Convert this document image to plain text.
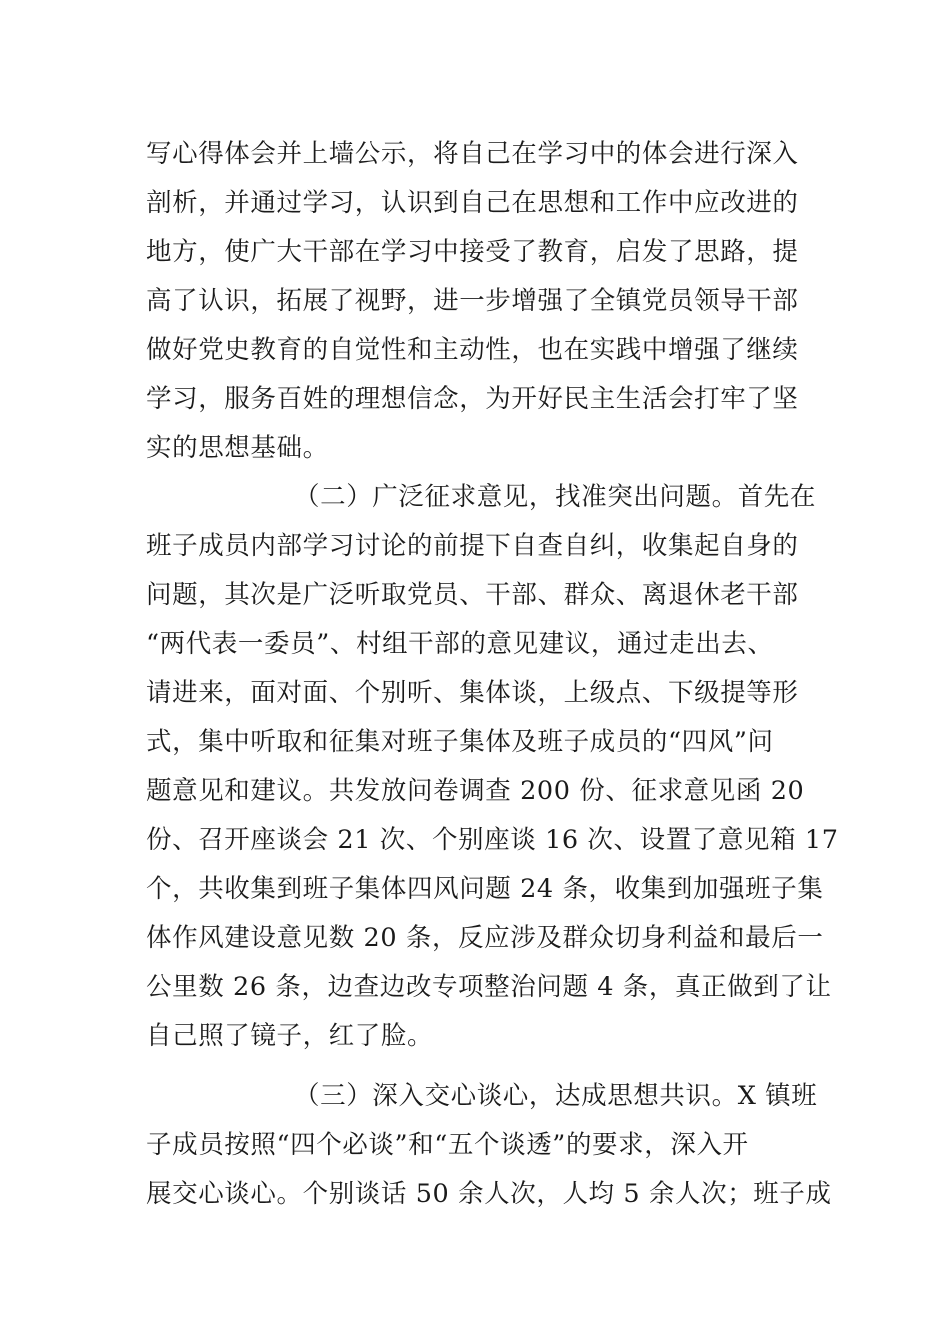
写心得体会并上墙公示，将自己在学习中的体会进行深入
剖析，并通过学习，认识到自己在思想和工作中应改进的
地方，使广大干部在学习中接受了教育，启发了思路，提
高了认识，拓展了视野，进一步增强了全镇党员领导干部
做好党史教育的自觉性和主动性，也在实践中增强了继续
学习，服务百姓的理想信念，为开好民主生活会打牢了坚
实的思想基础。
（二）广泛征求意见，找准突出问题。首先在
班子成员内部学习讨论的前提下自查自纠，收集起自身的
问题，其次是广泛听取党员、干部、群众、离退休老干部
“两代表一委员”、村组干部的意见建议，通过走出去、
请进来，面对面、个别听、集体谈，上级点、下级提等形
式，集中听取和征集对班子集体及班子成员的“四风”问
题意见和建议。共发放问卷调查 200 份、征求意见函 20
份、召开座谈会 21 次、个别座谈 16 次、设置了意见箱 17
个，共收集到班子集体四风问题 24 条，收集到加强班子集
体作风建设意见数 20 条，反应涉及群众切身利益和最后一
公里数 26 条，边查边改专项整治问题 4 条，真正做到了让
自己照了镜子，红了脸。
（三）深入交心谈心，达成思想共识。X 镇班
子成员按照“四个必谈”和“五个谈透”的要求，深入开
展交心谈心。个别谈话 50 余人次，人均 5 余人次；班子成
